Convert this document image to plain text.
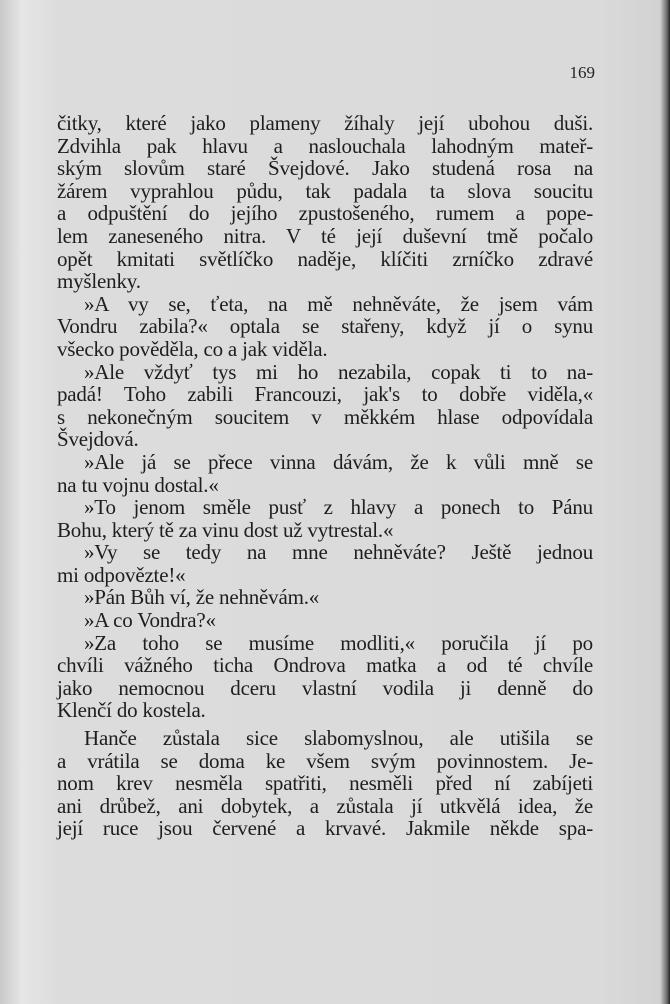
169
čitky, které jako plameny žíhaly její ubohou duši.
Zdvihla pak hlavu a naslouchala lahodným mateř-
ským slovům staré Švejdové. Jako studená rosa na
žárem vyprahlou půdu, tak padala ta slova soucitu
a odpuštění do jejího zpustošeného, rumem a pope-
lem zaneseného nitra. V té její duševní tmě počalo
opět kmitati světlíčko naděje, klíčiti zrníčko zdravé
myšlenky.
»A vy se, ťeta, na mě nehněváte, že jsem vám
Vondru zabila?« optala se stařeny, když jí o synu
všecko pověděla, co a jak viděla.
»Ale vždyť tys mi ho nezabila, copak ti to na-
padá! Toho zabili Francouzi, jak's to dobře viděla,«
s nekonečným soucitem v měkkém hlase odpovídala
Švejdová.
»Ale já se přece vinna dávám, že k vůli mně se
na tu vojnu dostal.«
»To jenom směle pusť z hlavy a ponech to Pánu
Bohu, který tě za vinu dost už vytrestal.«
»Vy se tedy na mne nehněváte? Ještě jednou
mi odpovězte!«
»Pán Bůh ví, že nehněvám.«
»A co Vondra?«
»Za toho se musíme modliti,« poručila jí po
chvíli vážného ticha Ondrova matka a od té chvíle
jako nemocnou dceru vlastní vodila ji denně do
Klenčí do kostela.
Hanče zůstala sice slabomyslnou, ale utišila se
a vrátila se doma ke všem svým povinnostem. Je-
nom krev nesměla spatřiti, nesměli před ní zabíjeti
ani drůbež, ani dobytek, a zůstala jí utkvělá idea, že
její ruce jsou červené a krvavé. Jakmile někde spa-
